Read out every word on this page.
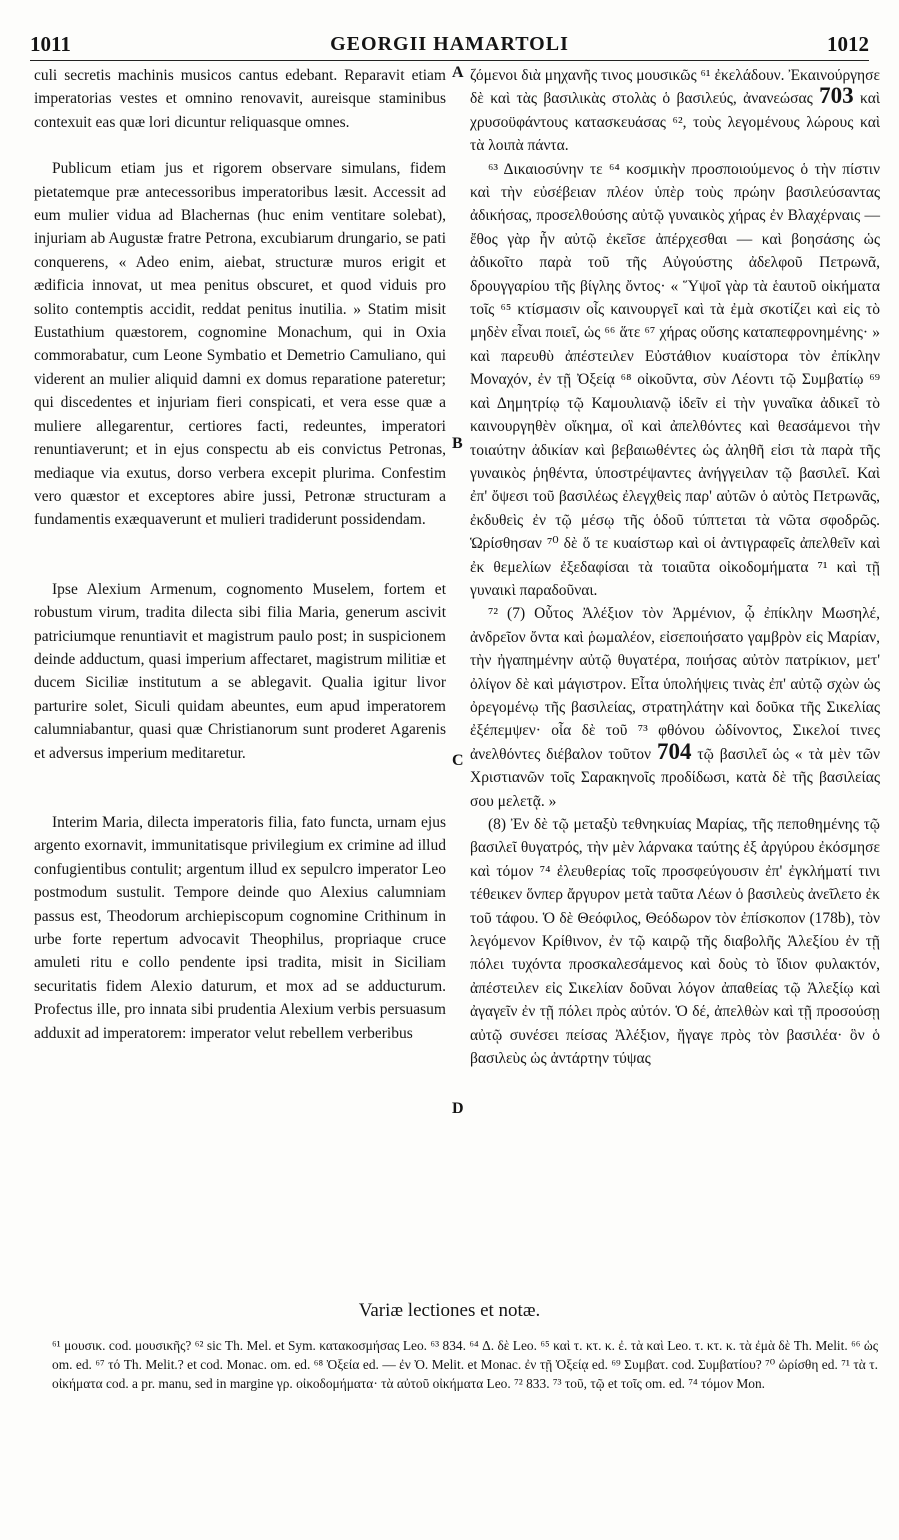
1011	GEORGII HAMARTOLI	1012

culi secretis machinis musicos cantus edebant. Reparavit etiam imperatorias vestes et omnino renovavit, aureisque staminibus contexuit eas quæ lori dicuntur reliquasque omnes.

Publicum etiam jus et rigorem observare simulans, fidem pietatemque præ antecessoribus imperatoribus læsit. Accessit ad eum mulier vidua ad Blachernas (huc enim ventitare solebat), injuriam ab Augustæ fratre Petrona, excubiarum drungario, se pati conquerens, « Adeo enim, aiebat, structuræ muros erigit et ædificia innovat, ut mea penitus obscuret, et quod viduis pro solito contemptis accidit, reddat penitus inutilia. » Statim misit Eustathium quæstorem, cognomine Monachum, qui in Oxia commorabatur, cum Leone Symbatio et Demetrio Camuliano, qui viderent an mulier aliquid damni ex domus reparatione pateretur; qui discedentes et injuriam fieri conspicati, et vera esse quæ a muliere allegarentur, certiores facti, redeuntes, imperatori renuntiaverunt; et in ejus conspectu ab eis convictus Petronas, mediaque via exutus, dorso verbera excepit plurima. Confestim vero quæstor et exceptores abire jussi, Petronæ structuram a fundamentis exæquaverunt et mulieri tradiderunt possidendam.

Ipse Alexium Armenum, cognomento Muselem, fortem et robustum virum, tradita dilecta sibi filia Maria, generum ascivit patriciumque renuntiavit et magistrum paulo post; in suspicionem deinde adductum, quasi imperium affectaret, magistrum militiæ et ducem Siciliæ institutum a se ablegavit. Qualia igitur livor parturire solet, Siculi quidam abeuntes, eum apud imperatorem calumniabantur, quasi quæ Christianorum sunt proderet Agarenis et adversus imperium meditaretur.

Interim Maria, dilecta imperatoris filia, fato functa, urnam ejus argento exornavit, immunitatisque privilegium ex crimine ad illud confugientibus contulit; argentum illud ex sepulcro imperator Leo postmodum sustulit. Tempore deinde quo Alexius calumniam passus est, Theodorum archiepiscopum cognomine Crithinum in urbe forte repertum advocavit Theophilus, propriaque cruce amuleti ritu e collo pendente ipsi tradita, misit in Siciliam securitatis fidem Alexio daturum, et mox ad se adducturum. Profectus ille, pro innata sibi prudentia Alexium verbis persuasum adduxit ad imperatorem: imperator velut rebellem verberibus

A
B
C
D

ζόμενοι διὰ μηχανῆς τινος μουσικῶς ⁶¹ ἐκελάδουν. Ἐκαινούργησε δὲ καὶ τὰς βασιλικὰς στολὰς ὁ βασιλεύς, ἀνανεώσας 703 καὶ χρυσοϋφάντους κατασκευάσας ⁶², τοὺς λεγομένους λώρους καὶ τὰ λοιπὰ πάντα.

⁶³ Δικαιοσύνην τε ⁶⁴ κοσμικὴν προσποιούμενος ὁ τὴν πίστιν καὶ τὴν εὐσέβειαν πλέον ὑπὲρ τοὺς πρώην βασιλεύσαντας ἀδικήσας, προσελθούσης αὐτῷ γυναικὸς χήρας ἐν Βλαχέρναις — ἔθος γὰρ ἦν αὐτῷ ἐκεῖσε ἀπέρχεσθαι — καὶ βοησάσης ὡς ἀδικοῖτο παρὰ τοῦ τῆς Αὐγούστης ἀδελφοῦ Πετρωνᾶ, δρουγγαρίου τῆς βίγλης ὄντος· « Ὕψοῖ γὰρ τὰ ἑαυτοῦ οἰκήματα τοῖς ⁶⁵ κτίσμασιν οἷς καινουργεῖ καὶ τὰ ἐμὰ σκοτίζει καὶ εἰς τὸ μηδὲν εἶναι ποιεῖ, ὡς ⁶⁶ ἅτε ⁶⁷ χήρας οὔσης καταπεφρονημένης· » καὶ παρευθὺ ἀπέστειλεν Εὐστάθιον κυαίστορα τὸν ἐπίκλην Μοναχόν, ἐν τῇ Ὀξείᾳ ⁶⁸ οἰκοῦντα, σὺν Λέοντι τῷ Συμβατίῳ ⁶⁹ καὶ Δημητρίῳ τῷ Καμουλιανῷ ἰδεῖν εἰ τὴν γυναῖκα ἀδικεῖ τὸ καινουργηθὲν οἴκημα, οἳ καὶ ἀπελθόντες καὶ θεασάμενοι τὴν τοιαύτην ἀδικίαν καὶ βεβαιωθέντες ὡς ἀληθῆ εἰσι τὰ παρὰ τῆς γυναικὸς ῥηθέντα, ὑποστρέψαντες ἀνήγγειλαν τῷ βασιλεῖ. Καὶ ἐπ' ὄψεσι τοῦ βασιλέως ἐλεγχθεὶς παρ' αὐτῶν ὁ αὐτὸς Πετρωνᾶς, ἐκδυθεὶς ἐν τῷ μέσῳ τῆς ὁδοῦ τύπτεται τὰ νῶτα σφοδρῶς. Ὡρίσθησαν ⁷⁰ δὲ ὅ τε κυαίστωρ καὶ οἱ ἀντιγραφεῖς ἀπελθεῖν καὶ ἐκ θεμελίων ἐξεδαφίσαι τὰ τοιαῦτα οἰκοδομήματα ⁷¹ καὶ τῇ γυναικὶ παραδοῦναι.

⁷² (7) Οὗτος Ἀλέξιον τὸν Ἀρμένιον, ᾧ ἐπίκλην Μωσηλέ, ἀνδρεῖον ὄντα καὶ ῥωμαλέον, εἰσεποιήσατο γαμβρὸν εἰς Μαρίαν, τὴν ἠγαπημένην αὐτῷ θυγατέρα, ποιήσας αὐτὸν πατρίκιον, μετ' ὀλίγον δὲ καὶ μάγιστρον. Εἶτα ὑπολήψεις τινὰς ἐπ' αὐτῷ σχὼν ὡς ὀρεγομένῳ τῆς βασιλείας, στρατηλάτην καὶ δοῦκα τῆς Σικελίας ἐξέπεμψεν· οἷα δὲ τοῦ ⁷³ φθόνου ὠδίνοντος, Σικελοί τινες ἀνελθόντες διέβαλον τοῦτον 704 τῷ βασιλεῖ ὡς « τὰ μὲν τῶν Χριστιανῶν τοῖς Σαρακηνοῖς προδίδωσι, κατὰ δὲ τῆς βασιλείας σου μελετᾷ. »

(8) Ἐν δὲ τῷ μεταξὺ τεθνηκυίας Μαρίας, τῆς πεποθημένης τῷ βασιλεῖ θυγατρός, τὴν μὲν λάρνακα ταύτης ἐξ ἀργύρου ἐκόσμησε καὶ τόμον ⁷⁴ ἐλευθερίας τοῖς προσφεύγουσιν ἐπ' ἐγκλήματί τινι τέθεικεν ὅνπερ ἄργυρον μετὰ ταῦτα Λέων ὁ βασιλεὺς ἀνεῖλετο ἐκ τοῦ τάφου. Ὁ δὲ Θεόφιλος, Θεόδωρον τὸν ἐπίσκοπον (178b), τὸν λεγόμενον Κρίθινον, ἐν τῷ καιρῷ τῆς διαβολῆς Ἀλεξίου ἐν τῇ πόλει τυχόντα προσκαλεσάμενος καὶ δοὺς τὸ ἴδιον φυλακτόν, ἀπέστειλεν εἰς Σικελίαν δοῦναι λόγον ἀπαθείας τῷ Ἀλεξίῳ καὶ ἀγαγεῖν ἐν τῇ πόλει πρὸς αὐτόν. Ὁ δέ, ἀπελθὼν καὶ τῇ προσούσῃ αὐτῷ συνέσει πείσας Ἀλέξιον, ἤγαγε πρὸς τὸν βασιλέα· ὃν ὁ βασιλεὺς ὡς ἀντάρτην τύψας

Variæ lectiones et notæ.
⁶¹ μουσικ. cod. μουσικῆς? ⁶² sic Th. Mel. et Sym. κατακοσμήσας Leo. ⁶³ 834. ⁶⁴ Δ. δὲ Leo. ⁶⁵ καὶ τ. κτ. κ. ἐ. τὰ καὶ Leo. τ. κτ. κ. τὰ ἐμὰ δὲ Th. Melit. ⁶⁶ ὡς om. ed. ⁶⁷ τό Th. Melit.? et cod. Monac. om. ed. ⁶⁸ Ὀξεία ed. — ἐν Ὀ. Melit. et Monac. ἐν τῇ Ὀξείᾳ ed. ⁶⁹ Συμβατ. cod. Συμβατίου? ⁷⁰ ὡρίσθη ed. ⁷¹ τὰ τ. οἰκήματα cod. a pr. manu, sed in margine γρ. οἰκοδομήματα· τὰ αὐτοῦ οἰκήματα Leo. ⁷² 833. ⁷³ τοῦ, τῷ et τοῖς om. ed. ⁷⁴ τόμον Mon.
